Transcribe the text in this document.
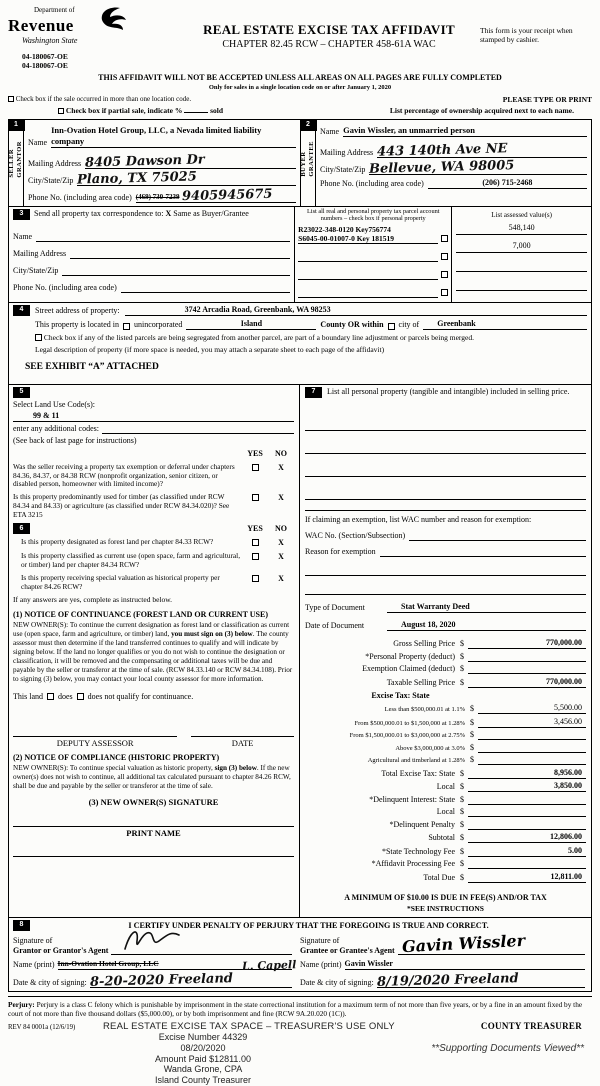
Department of
Revenue
Washington State
04-180067-OE
04-180067-OE
REAL ESTATE EXCISE TAX AFFIDAVIT
CHAPTER 82.45 RCW – CHAPTER 458-61A WAC
This form is your receipt when stamped by cashier.
THIS AFFIDAVIT WILL NOT BE ACCEPTED UNLESS ALL AREAS ON ALL PAGES ARE FULLY COMPLETED
Only for sales in a single location code on or after January 1, 2020
Check box if the sale occurred in more than one location code.	PLEASE TYPE OR PRINT
Check box if partial sale, indicate %	sold	List percentage of ownership acquired next to each name.
1
SELLER GRANTOR Name
Inn-Ovation Hotel Group, LLC, a Nevada limited liability company
Mailing Address 8405 Dawson Dr
City/State/Zip Plano, TX 75025
Phone No. (including area code) (469) 730-7239 9405945675
2
BUYER GRANTEE
Name Gavin Wissler, an unmarried person
Mailing Address 443 140th Ave NE
City/State/Zip Bellevue, WA 98005
Phone No. (including area code)	(206) 715-2468
3	Send all property tax correspondence to: X Same as Buyer/Grantee
Name
Mailing Address
City/State/Zip
Phone No. (including area code)
List all real and personal property tax parcel account numbers – check box if personal property
R23022-348-0120 Key756774
S6045-00-01007-0 Key 181519
List assessed value(s)
548,140
7,000
4	Street address of property:	3742 Arcadia Road, Greenbank, WA 98253
This property is located in unincorporated	Island	County OR within city of	Greenbank
Check box if any of the listed parcels are being segregated from another parcel, are part of a boundary line adjustment or parcels being merged.
Legal description of property (if more space is needed, you may attach a separate sheet to each page of the affidavit)
SEE EXHIBIT “A” ATTACHED
5
Select Land Use Code(s):
99 & 11
enter any additional codes:
(See back of last page for instructions)
YES	NO
Was the seller receiving a property tax exemption or deferral under chapters 84.36, 84.37, or 84.38 RCW (nonprofit organization, senior citizen, or disabled person, homeowner with limited income)?
X
Is this property predominantly used for timber (as classified under RCW 84.34 and 84.33) or agriculture (as classified under RCW 84.34.020)? See ETA 3215
X
6	YES	NO
Is this property designated as forest land per chapter 84.33 RCW?	X
Is this property classified as current use (open space, farm and agricultural, or timber) land per chapter 84.34 RCW?
X
Is this property receiving special valuation as historical property per chapter 84.26 RCW?
X
If any answers are yes, complete as instructed below.
(1) NOTICE OF CONTINUANCE (FOREST LAND OR CURRENT USE)
NEW OWNER(S): To continue the current designation as forest land or classification as current use (open space, farm and agriculture, or timber) land, you must sign on (3) below. The county assessor must then determine if the land transferred continues to qualify and will indicate by signing below. If the land no longer qualifies or you do not wish to continue the designation or classification, it will be removed and the compensating or additional taxes will be due and payable by the seller or transferor at the time of sale. (RCW 84.33.140 or RCW 84.34.108). Prior to signing (3) below, you may contact your local county assessor for more information.
This land does does not qualify for continuance.
DEPUTY ASSESSOR	DATE
(2) NOTICE OF COMPLIANCE (HISTORIC PROPERTY)
NEW OWNER(S): To continue special valuation as historic property, sign (3) below. If the new owner(s) does not wish to continue, all additional tax calculated pursuant to chapter 84.26 RCW, shall be due and payable by the seller or transferor at the time of sale.
(3) NEW OWNER(S) SIGNATURE
PRINT NAME
7	List all personal property (tangible and intangible) included in selling price.
If claiming an exemption, list WAC number and reason for exemption:
WAC No. (Section/Subsection)
Reason for exemption
Type of Document	Stat Warranty Deed
Date of Document	August 18, 2020
Gross Selling Price $	770,000.00
*Personal Property (deduct) $
Exemption Claimed (deduct) $
Taxable Selling Price $	770,000.00
Excise Tax: State
Less than $500,000.01 at 1.1% $	5,500.00
From $500,000.01 to $1,500,000 at 1.28% $	3,456.00
From $1,500,000.01 to $3,000,000 at 2.75% $
Above $3,000,000 at 3.0% $
Agricultural and timberland at 1.28% $
Total Excise Tax: State $	8,956.00
Local $	3,850.00
*Delinquent Interest: State $
Local $
*Delinquent Penalty $
Subtotal $	12,806.00
*State Technology Fee $	5.00
*Affidavit Processing Fee $
Total Due $	12,811.00
A MINIMUM OF $10.00 IS DUE IN FEE(S) AND/OR TAX
*SEE INSTRUCTIONS
8	I CERTIFY UNDER PENALTY OF PERJURY THAT THE FOREGOING IS TRUE AND CORRECT.
Signature of
Grantor or Grantor's Agent
Name (print) Inn-Ovation Hotel Group, LLC	L. Capell
Date & city of signing: 8-20-2020 Freeland
Signature of
Grantee or Grantee's Agent Gavin Wissler
Name (print) Gavin Wissler
Date & city of signing: 8/19/2020 Freeland
Perjury: Perjury is a class C felony which is punishable by imprisonment in the state correctional institution for a maximum term of not more than five years, or by a fine in an amount fixed by the court of not more than five thousand dollars ($5,000.00), or by both imprisonment and fine (RCW 9A.20.020 (1C)).
REV 84 0001a (12/6/19)	REAL ESTATE EXCISE TAX SPACE – TREASURER'S USE ONLY	COUNTY TREASURER
Excise Number 44329
08/20/2020
Amount Paid $12811.00
Wanda Grone, CPA
Island County Treasurer
**Supporting Documents Viewed**
